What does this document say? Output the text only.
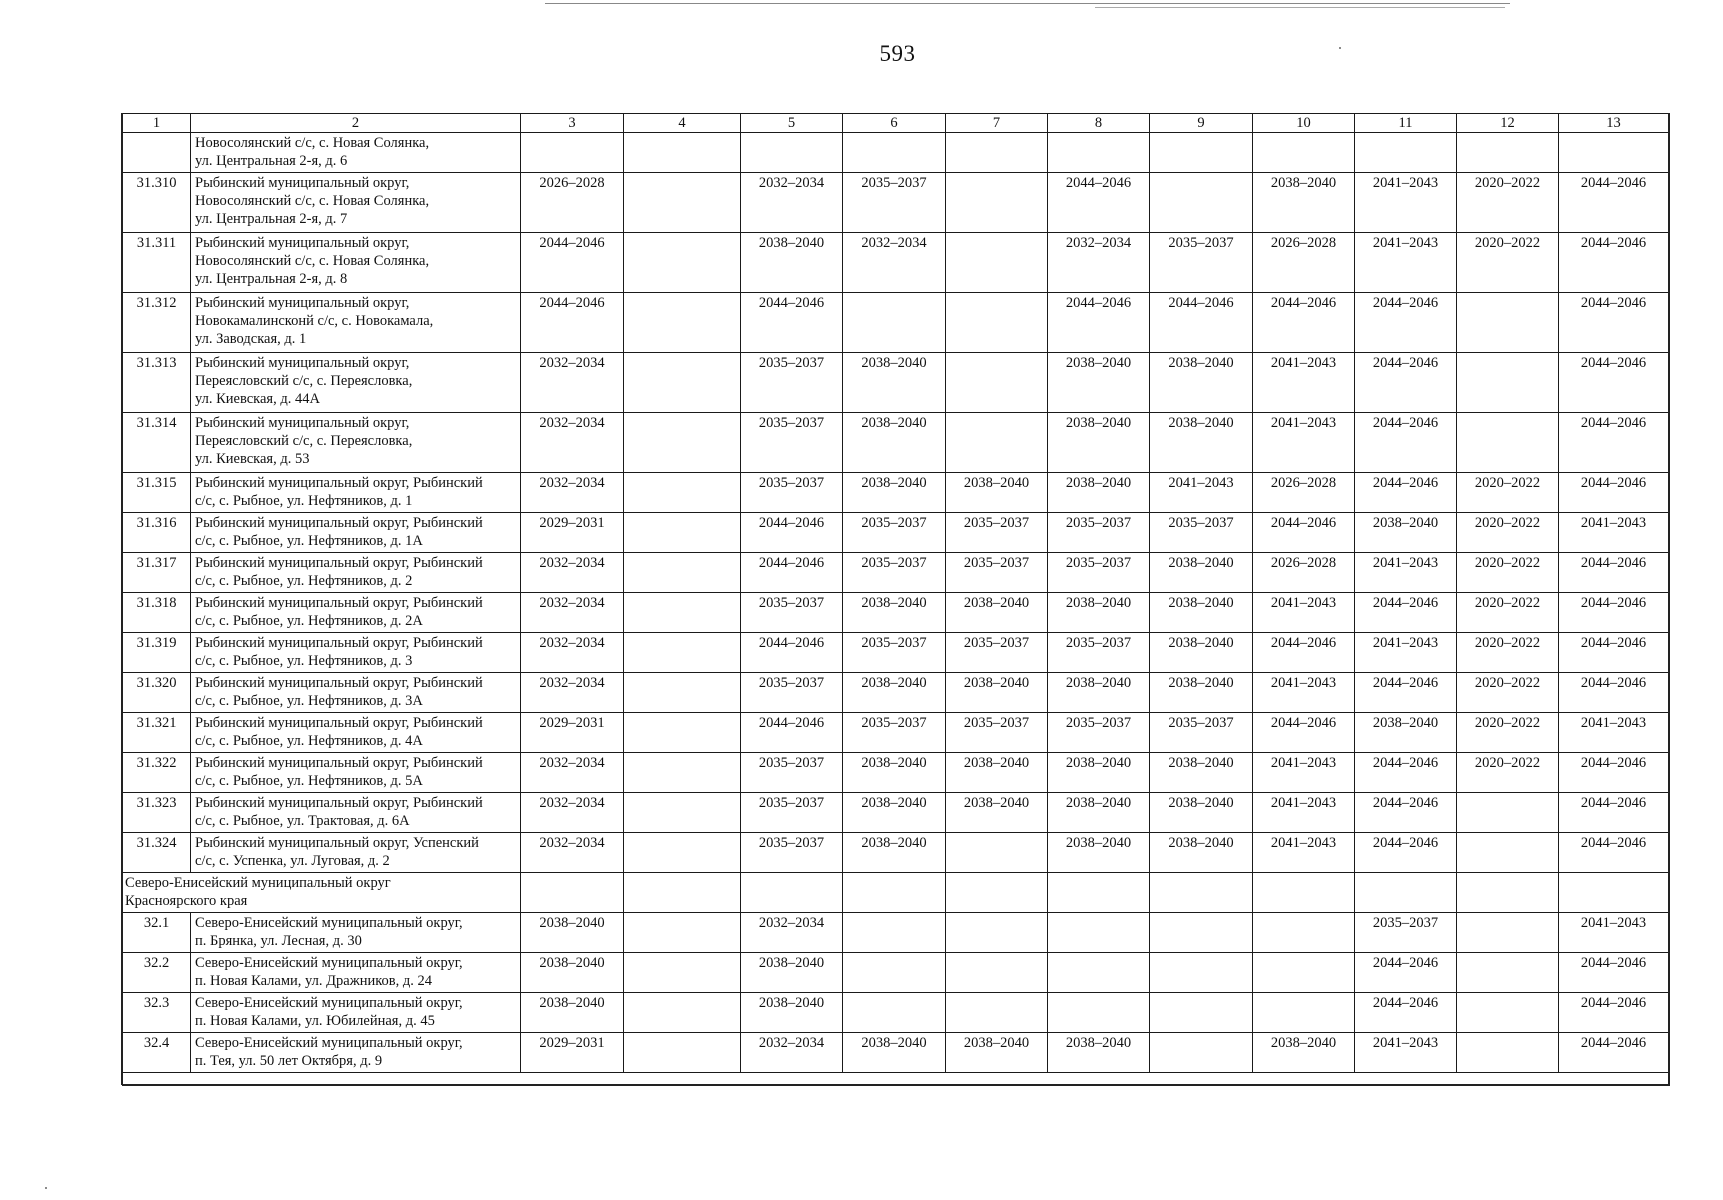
593
1	2	3	4	5	6	7	8	9	10	11	12	13

	Новосолянский с/с, с. Новая Солянка,
ул. Центральная 2-я, д. 6											

31.310	Рыбинский муниципальный округ,
Новосолянский с/с, с. Новая Солянка,
ул. Центральная 2-я, д. 7	2026–2028		2032–2034	2035–2037		2044–2046		2038–2040	2041–2043	2020–2022	2044–2046
31.311	Рыбинский муниципальный округ,
Новосолянский с/с, с. Новая Солянка,
ул. Центральная 2-я, д. 8	2044–2046		2038–2040	2032–2034		2032–2034	2035–2037	2026–2028	2041–2043	2020–2022	2044–2046
31.312	Рыбинский муниципальный округ,
Новокамалинсконй с/с, с. Новокамала,
ул. Заводская, д. 1	2044–2046		2044–2046			2044–2046	2044–2046	2044–2046	2044–2046		2044–2046
31.313	Рыбинский муниципальный округ,
Переясловский с/с, с. Переясловка,
ул. Киевская, д. 44А	2032–2034		2035–2037	2038–2040		2038–2040	2038–2040	2041–2043	2044–2046		2044–2046
31.314	Рыбинский муниципальный округ,
Переясловский с/с, с. Переясловка,
ул. Киевская, д. 53	2032–2034		2035–2037	2038–2040		2038–2040	2038–2040	2041–2043	2044–2046		2044–2046
31.315	Рыбинский муниципальный округ, Рыбинский
с/с, с. Рыбное, ул. Нефтяников, д. 1	2032–2034		2035–2037	2038–2040	2038–2040	2038–2040	2041–2043	2026–2028	2044–2046	2020–2022	2044–2046
31.316	Рыбинский муниципальный округ, Рыбинский
с/с, с. Рыбное, ул. Нефтяников, д. 1А	2029–2031		2044–2046	2035–2037	2035–2037	2035–2037	2035–2037	2044–2046	2038–2040	2020–2022	2041–2043
31.317	Рыбинский муниципальный округ, Рыбинский
с/с, с. Рыбное, ул. Нефтяников, д. 2	2032–2034		2044–2046	2035–2037	2035–2037	2035–2037	2038–2040	2026–2028	2041–2043	2020–2022	2044–2046
31.318	Рыбинский муниципальный округ, Рыбинский
с/с, с. Рыбное, ул. Нефтяников, д. 2А	2032–2034		2035–2037	2038–2040	2038–2040	2038–2040	2038–2040	2041–2043	2044–2046	2020–2022	2044–2046
31.319	Рыбинский муниципальный округ, Рыбинский
с/с, с. Рыбное, ул. Нефтяников, д. 3	2032–2034		2044–2046	2035–2037	2035–2037	2035–2037	2038–2040	2044–2046	2041–2043	2020–2022	2044–2046
31.320	Рыбинский муниципальный округ, Рыбинский
с/с, с. Рыбное, ул. Нефтяников, д. 3А	2032–2034		2035–2037	2038–2040	2038–2040	2038–2040	2038–2040	2041–2043	2044–2046	2020–2022	2044–2046
31.321	Рыбинский муниципальный округ, Рыбинский
с/с, с. Рыбное, ул. Нефтяников, д. 4А	2029–2031		2044–2046	2035–2037	2035–2037	2035–2037	2035–2037	2044–2046	2038–2040	2020–2022	2041–2043
31.322	Рыбинский муниципальный округ, Рыбинский
с/с, с. Рыбное, ул. Нефтяников, д. 5А	2032–2034		2035–2037	2038–2040	2038–2040	2038–2040	2038–2040	2041–2043	2044–2046	2020–2022	2044–2046
31.323	Рыбинский муниципальный округ, Рыбинский
с/с, с. Рыбное, ул. Трактовая, д. 6А	2032–2034		2035–2037	2038–2040	2038–2040	2038–2040	2038–2040	2041–2043	2044–2046		2044–2046
31.324	Рыбинский муниципальный округ, Успенский
с/с, с. Успенка, ул. Луговая, д. 2	2032–2034		2035–2037	2038–2040		2038–2040	2038–2040	2041–2043	2044–2046		2044–2046

Северо-Енисейский муниципальный округ
Красноярского края												

32.1	Северо-Енисейский муниципальный округ,
п. Брянка, ул. Лесная, д. 30	2038–2040		2032–2034						2035–2037		2041–2043
32.2	Северо-Енисейский муниципальный округ,
п. Новая Калами, ул. Дражников, д. 24	2038–2040		2038–2040						2044–2046		2044–2046
32.3	Северо-Енисейский муниципальный округ,
п. Новая Калами, ул. Юбилейная, д. 45	2038–2040		2038–2040						2044–2046		2044–2046
32.4	Северо-Енисейский муниципальный округ,
п. Тея, ул. 50 лет Октября, д. 9	2029–2031		2032–2034	2038–2040	2038–2040	2038–2040		2038–2040	2041–2043		2044–2046
